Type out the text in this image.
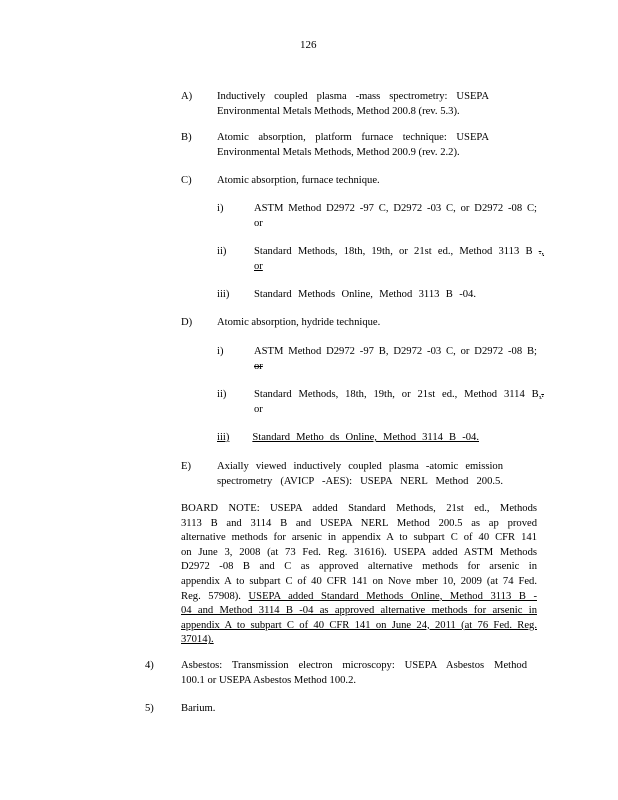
126
A) Inductively coupled plasma -mass spectrometry: USEPA
Environmental Metals Methods, Method 200.8 (rev. 5.3).
B) Atomic absorption, platform furnace technique: USEPA
Environmental Metals Methods, Method 200.9 (rev. 2.2).
C) Atomic absorption, furnace technique.
i)	ASTM Method D2972 -97 C, D2972 -03 C, or D2972 -08 C;
or
ii)	Standard Methods, 18th, 19th, or 21st ed., Method 3113 B .,
or
iii) Standard Methods Online, Method 3113 B -04.
D) Atomic absorption, hydride technique.
i)	ASTM Method D2972 -97 B, D2972 -03 C, or D2972 -08 B;
or
ii)	Standard Methods, 18th, 19th, or 21st ed., Method 3114 B,.
or
iii) Standard Metho ds Online, Method 3114 B -04.
E) Axially viewed inductively coupled plasma -atomic emission
spectrometry (AVICP -AES): USEPA NERL Method 200.5.
BOARD NOTE: USEPA added Standard Methods, 21st ed., Methods
3113 B and 3114 B and USEPA NERL Method 200.5 as ap proved
alternative methods for arsenic in appendix A to subpart C of 40 CFR 141
on June 3, 2008 (at 73 Fed. Reg. 31616). USEPA added ASTM Methods
D2972 -08 B and C as approved alternative methods for arsenic in
appendix A to subpart C of 40 CFR 141 on Nove mber 10, 2009 (at 74 Fed.
Reg. 57908). USEPA added Standard Methods Online, Method 3113 B -
04 and Method 3114 B -04 as approved alternative methods for arsenic in
appendix A to subpart C of 40 CFR 141 on June 24, 2011 (at 76 Fed. Reg.
37014).
4)	Asbestos: Transmission electron microscopy: USEPA Asbestos Method
100.1 or USEPA Asbestos Method 100.2.
5)	Barium.
